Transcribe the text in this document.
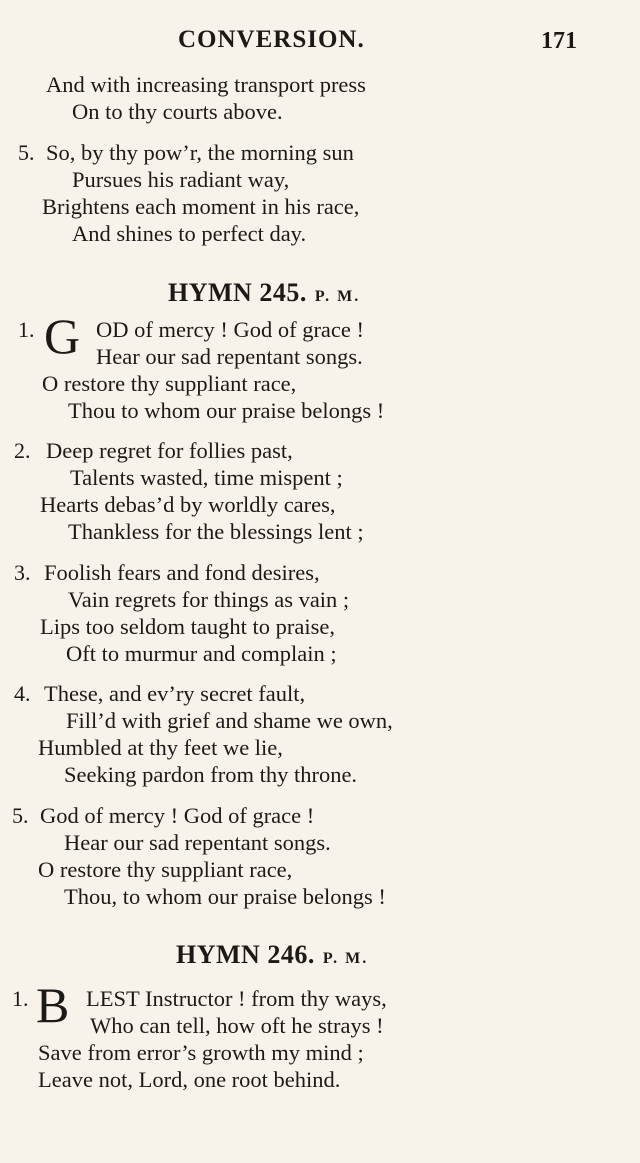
CONVERSION.	171
And with increasing transport press
On to thy courts above.
5. So, by thy pow’r, the morning sun
Pursues his radiant way,
Brightens each moment in his race,
And shines to perfect day.
HYMN 245. P. M.
1. G OD of mercy ! God of grace !
Hear our sad repentant songs.
O restore thy suppliant race,
Thou to whom our praise belongs !
2. Deep regret for follies past,
Talents wasted, time mispent ;
Hearts debas’d by worldly cares,
Thankless for the blessings lent ;
3. Foolish fears and fond desires,
Vain regrets for things as vain ;
Lips too seldom taught to praise,
Oft to murmur and complain ;
4. These, and ev’ry secret fault,
Fill’d with grief and shame we own,
Humbled at thy feet we lie,
Seeking pardon from thy throne.
5. God of mercy ! God of grace !
Hear our sad repentant songs.
O restore thy suppliant race,
Thou, to whom our praise belongs !
HYMN 246. P. M.
1. B LEST Instructor ! from thy ways,
Who can tell, how oft he strays !
Save from error’s growth my mind ;
Leave not, Lord, one root behind.
